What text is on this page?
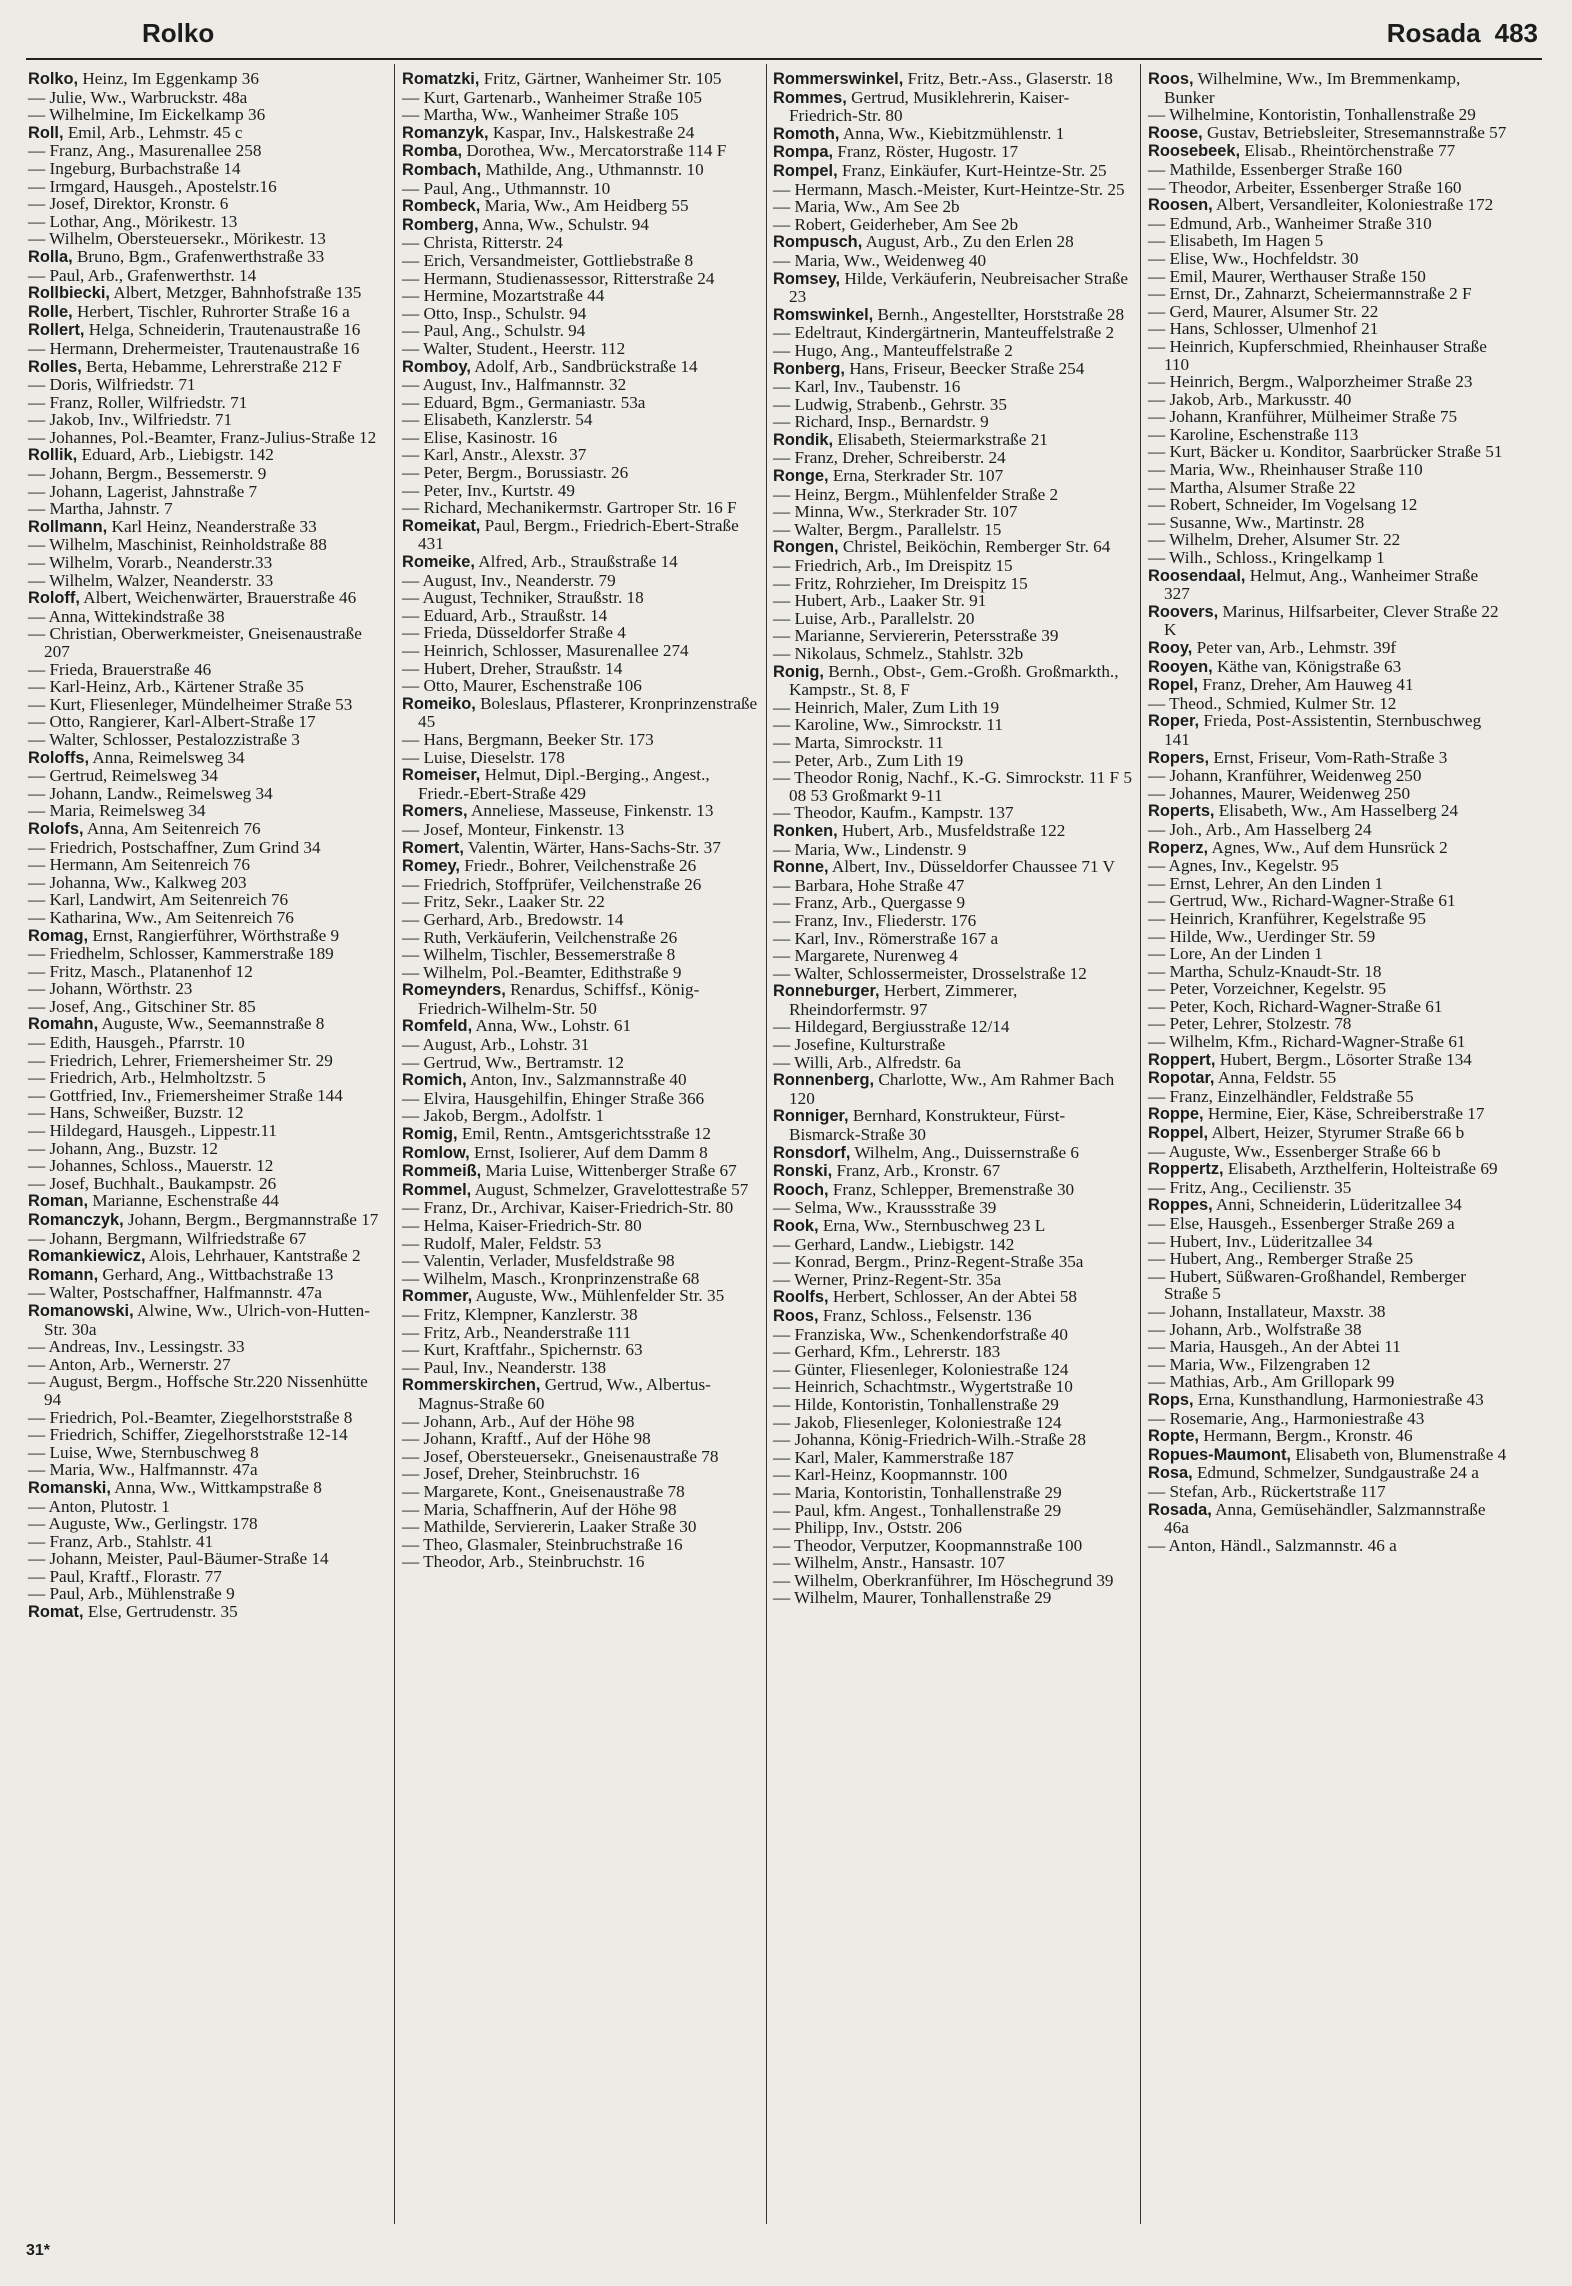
Rolko	Rosada 483

Rolko, Heinz, Im Eggenkamp 36

— Julie, Ww., Warbruckstr. 48a

— Wilhelmine, Im Eickelkamp 36

Roll, Emil, Arb., Lehmstr. 45 c

— Franz, Ang., Masurenallee 258

— Ingeburg, Burbachstraße 14

— Irmgard, Hausgeh., Apostelstr.16

— Josef, Direktor, Kronstr. 6

— Lothar, Ang., Mörikestr. 13

— Wilhelm, Obersteuersekr., Mörikestr. 13

Rolla, Bruno, Bgm., Grafenwerthstraße 33

— Paul, Arb., Grafenwerthstr. 14

Rollbiecki, Albert, Metzger, Bahnhofstraße 135

Rolle, Herbert, Tischler, Ruhrorter Straße 16 a

Rollert, Helga, Schneiderin, Trautenaustraße 16

— Hermann, Drehermeister, Trautenaustraße 16

Rolles, Berta, Hebamme, Lehrerstraße 212 F

— Doris, Wilfriedstr. 71

— Franz, Roller, Wilfriedstr. 71

— Jakob, Inv., Wilfriedstr. 71

— Johannes, Pol.-Beamter, Franz-Julius-Straße 12

Rollik, Eduard, Arb., Liebigstr. 142

— Johann, Bergm., Bessemerstr. 9

— Johann, Lagerist, Jahnstraße 7

— Martha, Jahnstr. 7

Rollmann, Karl Heinz, Neanderstraße 33

— Wilhelm, Maschinist, Reinholdstraße 88

— Wilhelm, Vorarb., Neanderstr.33

— Wilhelm, Walzer, Neanderstr. 33

Roloff, Albert, Weichenwärter, Brauerstraße 46

— Anna, Wittekindstraße 38

— Christian, Oberwerkmeister, Gneisenaustraße 207

— Frieda, Brauerstraße 46

— Karl-Heinz, Arb., Kärtener Straße 35

— Kurt, Fliesenleger, Mündelheimer Straße 53

— Otto, Rangierer, Karl-Albert-Straße 17

— Walter, Schlosser, Pestalozzistraße 3

Roloffs, Anna, Reimelsweg 34

— Gertrud, Reimelsweg 34

— Johann, Landw., Reimelsweg 34

— Maria, Reimelsweg 34

Rolofs, Anna, Am Seitenreich 76

— Friedrich, Postschaffner, Zum Grind 34

— Hermann, Am Seitenreich 76

— Johanna, Ww., Kalkweg 203

— Karl, Landwirt, Am Seitenreich 76

— Katharina, Ww., Am Seitenreich 76

Romag, Ernst, Rangierführer, Wörthstraße 9

— Friedhelm, Schlosser, Kammerstraße 189

— Fritz, Masch., Platanenhof 12

— Johann, Wörthstr. 23

— Josef, Ang., Gitschiner Str. 85

Romahn, Auguste, Ww., Seemannstraße 8

— Edith, Hausgeh., Pfarrstr. 10

— Friedrich, Lehrer, Friemersheimer Str. 29

— Friedrich, Arb., Helmholtzstr. 5

— Gottfried, Inv., Friemersheimer Straße 144

— Hans, Schweißer, Buzstr. 12

— Hildegard, Hausgeh., Lippestr.11

— Johann, Ang., Buzstr. 12

— Johannes, Schloss., Mauerstr. 12

— Josef, Buchhalt., Baukampstr. 26

Roman, Marianne, Eschenstraße 44

Romanczyk, Johann, Bergm., Bergmannstraße 17

— Johann, Bergmann, Wilfriedstraße 67

Romankiewicz, Alois, Lehrhauer, Kantstraße 2

Romann, Gerhard, Ang., Wittbachstraße 13

— Walter, Postschaffner, Halfmannstr. 47a

Romanowski, Alwine, Ww., Ulrich-von-Hutten-Str. 30a

— Andreas, Inv., Lessingstr. 33

— Anton, Arb., Wernerstr. 27

— August, Bergm., Hoffsche Str.220 Nissenhütte 94

— Friedrich, Pol.-Beamter, Ziegelhorststraße 8

— Friedrich, Schiffer, Ziegelhorststraße 12-14

— Luise, Wwe, Sternbuschweg 8

— Maria, Ww., Halfmannstr. 47a

Romanski, Anna, Ww., Wittkampstraße 8

— Anton, Plutostr. 1

— Auguste, Ww., Gerlingstr. 178

— Franz, Arb., Stahlstr. 41

— Johann, Meister, Paul-Bäumer-Straße 14

— Paul, Kraftf., Florastr. 77

— Paul, Arb., Mühlenstraße 9

Romat, Else, Gertrudenstr. 35

Romatzki, Fritz, Gärtner, Wanheimer Str. 105

— Kurt, Gartenarb., Wanheimer Straße 105

— Martha, Ww., Wanheimer Straße 105

Romanzyk, Kaspar, Inv., Halskestraße 24

Romba, Dorothea, Ww., Mercatorstraße 114 F

Rombach, Mathilde, Ang., Uthmannstr. 10

— Paul, Ang., Uthmannstr. 10

Rombeck, Maria, Ww., Am Heidberg 55

Romberg, Anna, Ww., Schulstr. 94

— Christa, Ritterstr. 24

— Erich, Versandmeister, Gottliebstraße 8

— Hermann, Studienassessor, Ritterstraße 24

— Hermine, Mozartstraße 44

— Otto, Insp., Schulstr. 94

— Paul, Ang., Schulstr. 94

— Walter, Student., Heerstr. 112

Romboy, Adolf, Arb., Sandbrückstraße 14

— August, Inv., Halfmannstr. 32

— Eduard, Bgm., Germaniastr. 53a

— Elisabeth, Kanzlerstr. 54

— Elise, Kasinostr. 16

— Karl, Anstr., Alexstr. 37

— Peter, Bergm., Borussiastr. 26

— Peter, Inv., Kurtstr. 49

— Richard, Mechanikermstr. Gartroper Str. 16 F

Romeikat, Paul, Bergm., Friedrich-Ebert-Straße 431

Romeike, Alfred, Arb., Straußstraße 14

— August, Inv., Neanderstr. 79

— August, Techniker, Straußstr. 18

— Eduard, Arb., Straußstr. 14

— Frieda, Düsseldorfer Straße 4

— Heinrich, Schlosser, Masurenallee 274

— Hubert, Dreher, Straußstr. 14

— Otto, Maurer, Eschenstraße 106

Romeiko, Boleslaus, Pflasterer, Kronprinzenstraße 45

— Hans, Bergmann, Beeker Str. 173

— Luise, Dieselstr. 178

Romeiser, Helmut, Dipl.-Berging., Angest., Friedr.-Ebert-Straße 429

Romers, Anneliese, Masseuse, Finkenstr. 13

— Josef, Monteur, Finkenstr. 13

Romert, Valentin, Wärter, Hans-Sachs-Str. 37

Romey, Friedr., Bohrer, Veilchenstraße 26

— Friedrich, Stoffprüfer, Veilchenstraße 26

— Fritz, Sekr., Laaker Str. 22

— Gerhard, Arb., Bredowstr. 14

— Ruth, Verkäuferin, Veilchenstraße 26

— Wilhelm, Tischler, Bessemerstraße 8

— Wilhelm, Pol.-Beamter, Edithstraße 9

Romeynders, Renardus, Schiffsf., König-Friedrich-Wilhelm-Str. 50

Romfeld, Anna, Ww., Lohstr. 61

— August, Arb., Lohstr. 31

— Gertrud, Ww., Bertramstr. 12

Romich, Anton, Inv., Salzmannstraße 40

— Elvira, Hausgehilfin, Ehinger Straße 366

— Jakob, Bergm., Adolfstr. 1

Romig, Emil, Rentn., Amtsgerichtsstraße 12

Romlow, Ernst, Isolierer, Auf dem Damm 8

Rommeiß, Maria Luise, Wittenberger Straße 67

Rommel, August, Schmelzer, Gravelottestraße 57

— Franz, Dr., Archivar, Kaiser-Friedrich-Str. 80

— Helma, Kaiser-Friedrich-Str. 80

— Rudolf, Maler, Feldstr. 53

— Valentin, Verlader, Musfeldstraße 98

— Wilhelm, Masch., Kronprinzenstraße 68

Rommer, Auguste, Ww., Mühlenfelder Str. 35

— Fritz, Klempner, Kanzlerstr. 38

— Fritz, Arb., Neanderstraße 111

— Kurt, Kraftfahr., Spichernstr. 63

— Paul, Inv., Neanderstr. 138

Rommerskirchen, Gertrud, Ww., Albertus-Magnus-Straße 60

— Johann, Arb., Auf der Höhe 98

— Johann, Kraftf., Auf der Höhe 98

— Josef, Obersteuersekr., Gneisenaustraße 78

— Josef, Dreher, Steinbruchstr. 16

— Margarete, Kont., Gneisenaustraße 78

— Maria, Schaffnerin, Auf der Höhe 98

— Mathilde, Serviererin, Laaker Straße 30

— Theo, Glasmaler, Steinbruchstraße 16

— Theodor, Arb., Steinbruchstr. 16

Rommerswinkel, Fritz, Betr.-Ass., Glaserstr. 18

Rommes, Gertrud, Musiklehrerin, Kaiser-Friedrich-Str. 80

Romoth, Anna, Ww., Kiebitzmühlenstr. 1

Rompa, Franz, Röster, Hugostr. 17

Rompel, Franz, Einkäufer, Kurt-Heintze-Str. 25

— Hermann, Masch.-Meister, Kurt-Heintze-Str. 25

— Maria, Ww., Am See 2b

— Robert, Geiderheber, Am See 2b

Rompusch, August, Arb., Zu den Erlen 28

— Maria, Ww., Weidenweg 40

Romsey, Hilde, Verkäuferin, Neubreisacher Straße 23

Romswinkel, Bernh., Angestellter, Horststraße 28

— Edeltraut, Kindergärtnerin, Manteuffelstraße 2

— Hugo, Ang., Manteuffelstraße 2

Ronberg, Hans, Friseur, Beecker Straße 254

— Karl, Inv., Taubenstr. 16

— Ludwig, Strabenb., Gehrstr. 35

— Richard, Insp., Bernardstr. 9

Rondik, Elisabeth, Steiermarkstraße 21

— Franz, Dreher, Schreiberstr. 24

Ronge, Erna, Sterkrader Str. 107

— Heinz, Bergm., Mühlenfelder Straße 2

— Minna, Ww., Sterkrader Str. 107

— Walter, Bergm., Parallelstr. 15

Rongen, Christel, Beiköchin, Remberger Str. 64

— Friedrich, Arb., Im Dreispitz 15

— Fritz, Rohrzieher, Im Dreispitz 15

— Hubert, Arb., Laaker Str. 91

— Luise, Arb., Parallelstr. 20

— Marianne, Serviererin, Petersstraße 39

— Nikolaus, Schmelz., Stahlstr. 32b

Ronig, Bernh., Obst-, Gem.-Großh. Großmarkth., Kampstr., St. 8, F

— Heinrich, Maler, Zum Lith 19

— Karoline, Ww., Simrockstr. 11

— Marta, Simrockstr. 11

— Peter, Arb., Zum Lith 19

— Theodor Ronig, Nachf., K.-G. Simrockstr. 11 F 5 08 53 Großmarkt 9-11

— Theodor, Kaufm., Kampstr. 137

Ronken, Hubert, Arb., Musfeldstraße 122

— Maria, Ww., Lindenstr. 9

Ronne, Albert, Inv., Düsseldorfer Chaussee 71 V

— Barbara, Hohe Straße 47

— Franz, Arb., Quergasse 9

— Franz, Inv., Fliederstr. 176

— Karl, Inv., Römerstraße 167 a

— Margarete, Nurenweg 4

— Walter, Schlossermeister, Drosselstraße 12

Ronneburger, Herbert, Zimmerer, Rheindorfermstr. 97

— Hildegard, Bergiusstraße 12/14

— Josefine, Kulturstraße

— Willi, Arb., Alfredstr. 6a

Ronnenberg, Charlotte, Ww., Am Rahmer Bach 120

Ronniger, Bernhard, Konstrukteur, Fürst-Bismarck-Straße 30

Ronsdorf, Wilhelm, Ang., Duissernstraße 6

Ronski, Franz, Arb., Kronstr. 67

Rooch, Franz, Schlepper, Bremenstraße 30

— Selma, Ww., Kraussstraße 39

Rook, Erna, Ww., Sternbuschweg 23 L

— Gerhard, Landw., Liebigstr. 142

— Konrad, Bergm., Prinz-Regent-Straße 35a

— Werner, Prinz-Regent-Str. 35a

Roolfs, Herbert, Schlosser, An der Abtei 58

Roos, Franz, Schloss., Felsenstr. 136

— Franziska, Ww., Schenkendorfstraße 40

— Gerhard, Kfm., Lehrerstr. 183

— Günter, Fliesenleger, Koloniestraße 124

— Heinrich, Schachtmstr., Wygertstraße 10

— Hilde, Kontoristin, Tonhallenstraße 29

— Jakob, Fliesenleger, Koloniestraße 124

— Johanna, König-Friedrich-Wilh.-Straße 28

— Karl, Maler, Kammerstraße 187

— Karl-Heinz, Koopmannstr. 100

— Maria, Kontoristin, Tonhallenstraße 29

— Paul, kfm. Angest., Tonhallenstraße 29

— Philipp, Inv., Oststr. 206

— Theodor, Verputzer, Koopmannstraße 100

— Wilhelm, Anstr., Hansastr. 107

— Wilhelm, Oberkranführer, Im Höschegrund 39

— Wilhelm, Maurer, Tonhallenstraße 29

Roos, Wilhelmine, Ww., Im Bremmenkamp, Bunker

— Wilhelmine, Kontoristin, Tonhallenstraße 29

Roose, Gustav, Betriebsleiter, Stresemannstraße 57

Roosebeek, Elisab., Rheintörchenstraße 77

— Mathilde, Essenberger Straße 160

— Theodor, Arbeiter, Essenberger Straße 160

Roosen, Albert, Versandleiter, Koloniestraße 172

— Edmund, Arb., Wanheimer Straße 310

— Elisabeth, Im Hagen 5

— Elise, Ww., Hochfeldstr. 30

— Emil, Maurer, Werthauser Straße 150

— Ernst, Dr., Zahnarzt, Scheiermannstraße 2 F

— Gerd, Maurer, Alsumer Str. 22

— Hans, Schlosser, Ulmenhof 21

— Heinrich, Kupferschmied, Rheinhauser Straße 110

— Heinrich, Bergm., Walporzheimer Straße 23

— Jakob, Arb., Markusstr. 40

— Johann, Kranführer, Mülheimer Straße 75

— Karoline, Eschenstraße 113

— Kurt, Bäcker u. Konditor, Saarbrücker Straße 51

— Maria, Ww., Rheinhauser Straße 110

— Martha, Alsumer Straße 22

— Robert, Schneider, Im Vogelsang 12

— Susanne, Ww., Martinstr. 28

— Wilhelm, Dreher, Alsumer Str. 22

— Wilh., Schloss., Kringelkamp 1

Roosendaal, Helmut, Ang., Wanheimer Straße 327

Roovers, Marinus, Hilfsarbeiter, Clever Straße 22 K

Rooy, Peter van, Arb., Lehmstr. 39f

Rooyen, Käthe van, Königstraße 63

Ropel, Franz, Dreher, Am Hauweg 41

— Theod., Schmied, Kulmer Str. 12

Roper, Frieda, Post-Assistentin, Sternbuschweg 141

Ropers, Ernst, Friseur, Vom-Rath-Straße 3

— Johann, Kranführer, Weidenweg 250

— Johannes, Maurer, Weidenweg 250

Roperts, Elisabeth, Ww., Am Hasselberg 24

— Joh., Arb., Am Hasselberg 24

Roperz, Agnes, Ww., Auf dem Hunsrück 2

— Agnes, Inv., Kegelstr. 95

— Ernst, Lehrer, An den Linden 1

— Gertrud, Ww., Richard-Wagner-Straße 61

— Heinrich, Kranführer, Kegelstraße 95

— Hilde, Ww., Uerdinger Str. 59

— Lore, An der Linden 1

— Martha, Schulz-Knaudt-Str. 18

— Peter, Vorzeichner, Kegelstr. 95

— Peter, Koch, Richard-Wagner-Straße 61

— Peter, Lehrer, Stolzestr. 78

— Wilhelm, Kfm., Richard-Wagner-Straße 61

Roppert, Hubert, Bergm., Lösorter Straße 134

Ropotar, Anna, Feldstr. 55

— Franz, Einzelhändler, Feldstraße 55

Roppe, Hermine, Eier, Käse, Schreiberstraße 17

Roppel, Albert, Heizer, Styrumer Straße 66 b

— Auguste, Ww., Essenberger Straße 66 b

Roppertz, Elisabeth, Arzthelferin, Holteistraße 69

— Fritz, Ang., Cecilienstr. 35

Roppes, Anni, Schneiderin, Lüderitzallee 34

— Else, Hausgeh., Essenberger Straße 269 a

— Hubert, Inv., Lüderitzallee 34

— Hubert, Ang., Remberger Straße 25

— Hubert, Süßwaren-Großhandel, Remberger Straße 5

— Johann, Installateur, Maxstr. 38

— Johann, Arb., Wolfstraße 38

— Maria, Hausgeh., An der Abtei 11

— Maria, Ww., Filzengraben 12

— Mathias, Arb., Am Grillopark 99

Rops, Erna, Kunsthandlung, Harmoniestraße 43

— Rosemarie, Ang., Harmoniestraße 43

Ropte, Hermann, Bergm., Kronstr. 46

Ropues-Maumont, Elisabeth von, Blumenstraße 4

Rosa, Edmund, Schmelzer, Sundgaustraße 24 a

— Stefan, Arb., Rückertstraße 117

Rosada, Anna, Gemüsehändler, Salzmannstraße 46a

— Anton, Händl., Salzmannstr. 46 a

31*
